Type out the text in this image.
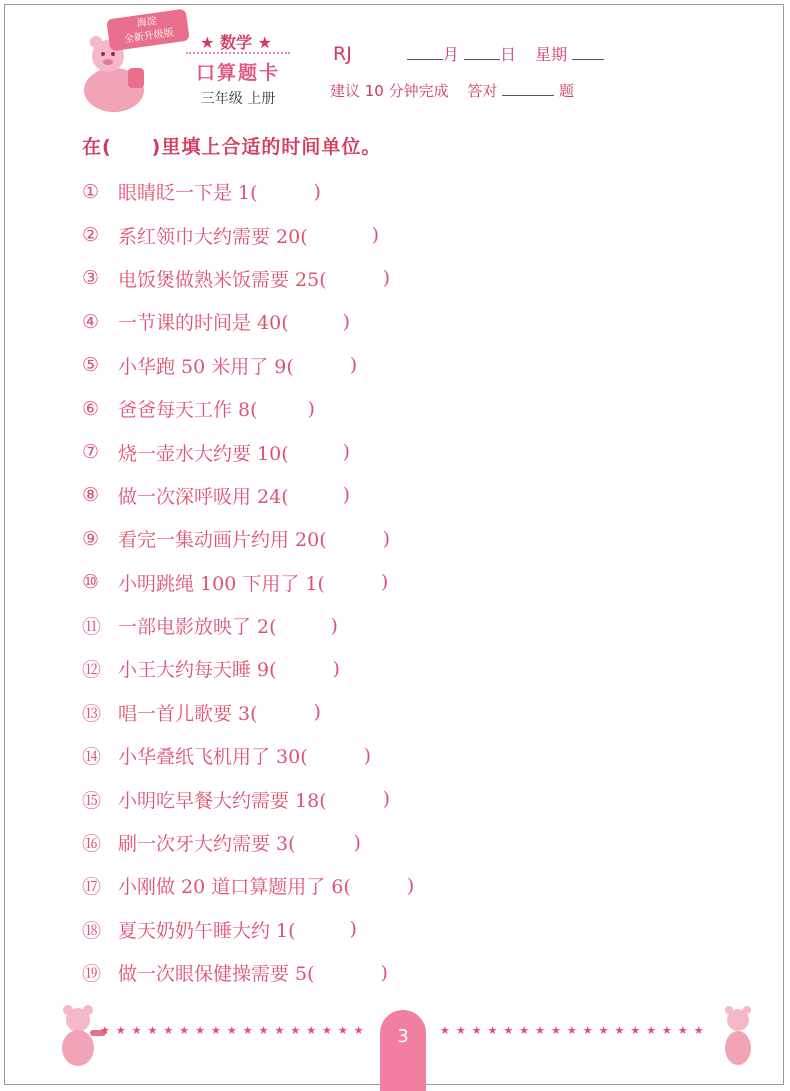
海淀
全新升级版	★ 数学 ★
口算题卡
三年级 上册
RJ	月	日 星期
建议 10 分钟完成 答对	题
在(　　)里填上合适的时间单位。
① 眼睛眨一下是 1(	)
② 系红领巾大约需要 20(	)
③ 电饭煲做熟米饭需要 25(	)
④ 一节课的时间是 40(	)
⑤ 小华跑 50 米用了 9(	)
⑥ 爸爸每天工作 8(	)
⑦ 烧一壶水大约要 10(	)
⑧ 做一次深呼吸用 24(	)
⑨ 看完一集动画片约用 20(	)
⑩ 小明跳绳 100 下用了 1(	)
⑪ 一部电影放映了 2(	)
⑫ 小王大约每天睡 9(	)
⑬ 唱一首儿歌要 3(	)
⑭ 小华叠纸飞机用了 30(	)
⑮ 小明吃早餐大约需要 18(	)
⑯ 刷一次牙大约需要 3(	)
⑰ 小刚做 20 道口算题用了 6(	)
⑱ 夏天奶奶午睡大约 1(	)
⑲ 做一次眼保健操需要 5(	)
★★★★★★★★★★★★★★★★★	3	★★★★★★★★★★★★★★★★★
